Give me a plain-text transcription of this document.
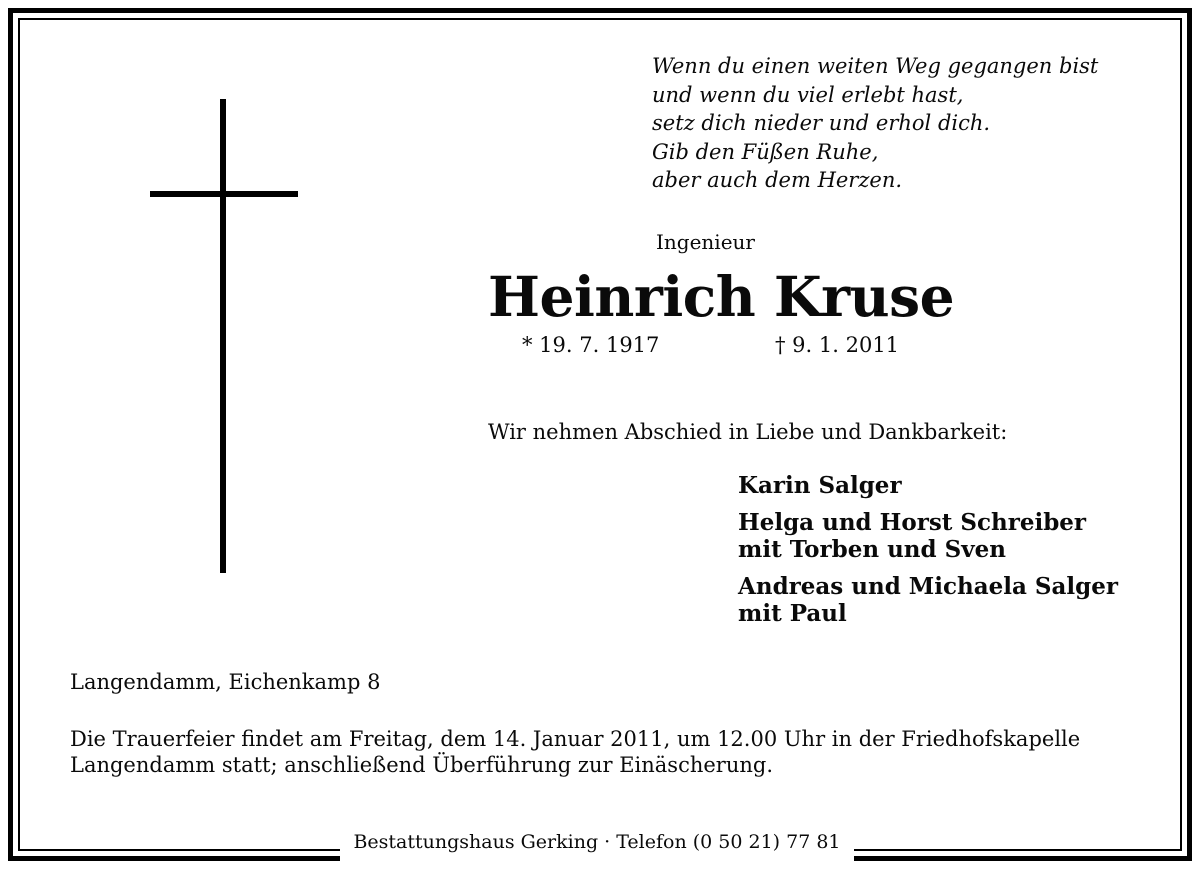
Bestattungshaus Gerking · Telefon (0 50 21) 77 81
Wenn du einen weiten Weg gegangen bist
und wenn du viel erlebt hast,
setz dich nieder und erhol dich.
Gib den Füßen Ruhe,
aber auch dem Herzen.
Ingenieur
Heinrich Kruse
* 19. 7. 1917	† 9. 1. 2011
Wir nehmen Abschied in Liebe und Dankbarkeit:
Karin Salger
Helga und Horst Schreiber
mit Torben und Sven
Andreas und Michaela Salger
mit Paul
Langendamm, Eichenkamp 8
Die Trauerfeier findet am Freitag, dem 14. Januar 2011, um 12.00 Uhr in der Friedhofskapelle
Langendamm statt; anschließend Überführung zur Einäscherung.
